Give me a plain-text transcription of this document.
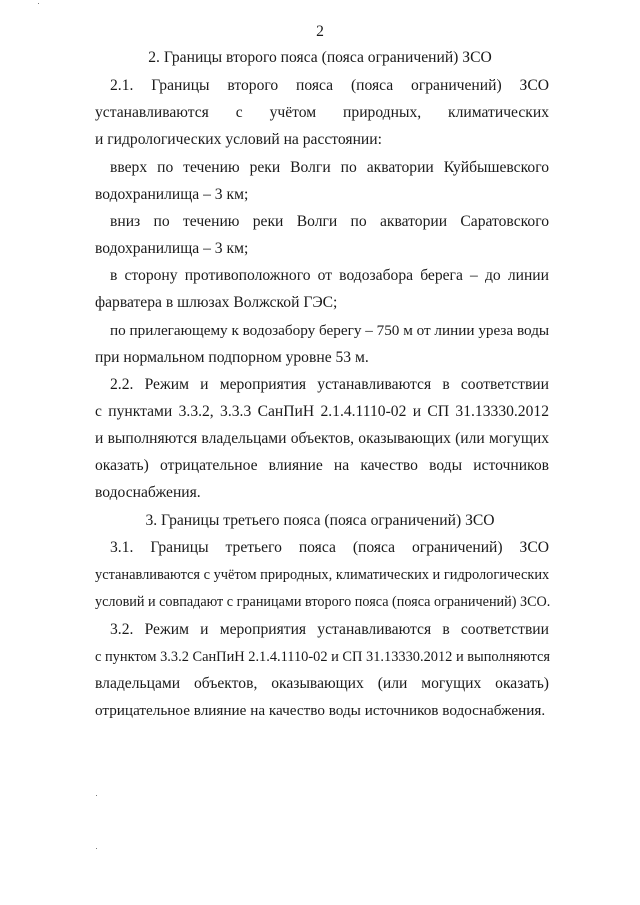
2
2. Границы второго пояса (пояса ограничений) ЗСО
2.1. Границы второго пояса (пояса ограничений) ЗСО
устанавливаются с учётом природных, климатических
и гидрологических условий на расстоянии:
вверх по течению реки Волги по акватории Куйбышевского
водохранилища – 3 км;
вниз по течению реки Волги по акватории Саратовского
водохранилища – 3 км;
в сторону противоположного от водозабора берега – до линии
фарватера в шлюзах Волжской ГЭС;
по прилегающему к водозабору берегу – 750 м от линии уреза воды
при нормальном подпорном уровне 53 м.
2.2. Режим и мероприятия устанавливаются в соответствии
с пунктами 3.3.2, 3.3.3 СанПиН 2.1.4.1110-02 и СП 31.13330.2012
и выполняются владельцами объектов, оказывающих (или могущих
оказать) отрицательное влияние на качество воды источников
водоснабжения.
3. Границы третьего пояса (пояса ограничений) ЗСО
3.1. Границы третьего пояса (пояса ограничений) ЗСО
устанавливаются с учётом природных, климатических и гидрологических
условий и совпадают с границами второго пояса (пояса ограничений) ЗСО.
3.2. Режим и мероприятия устанавливаются в соответствии
с пунктом 3.3.2 СанПиН 2.1.4.1110-02 и СП 31.13330.2012 и выполняются
владельцами объектов, оказывающих (или могущих оказать)
отрицательное влияние на качество воды источников водоснабжения.
